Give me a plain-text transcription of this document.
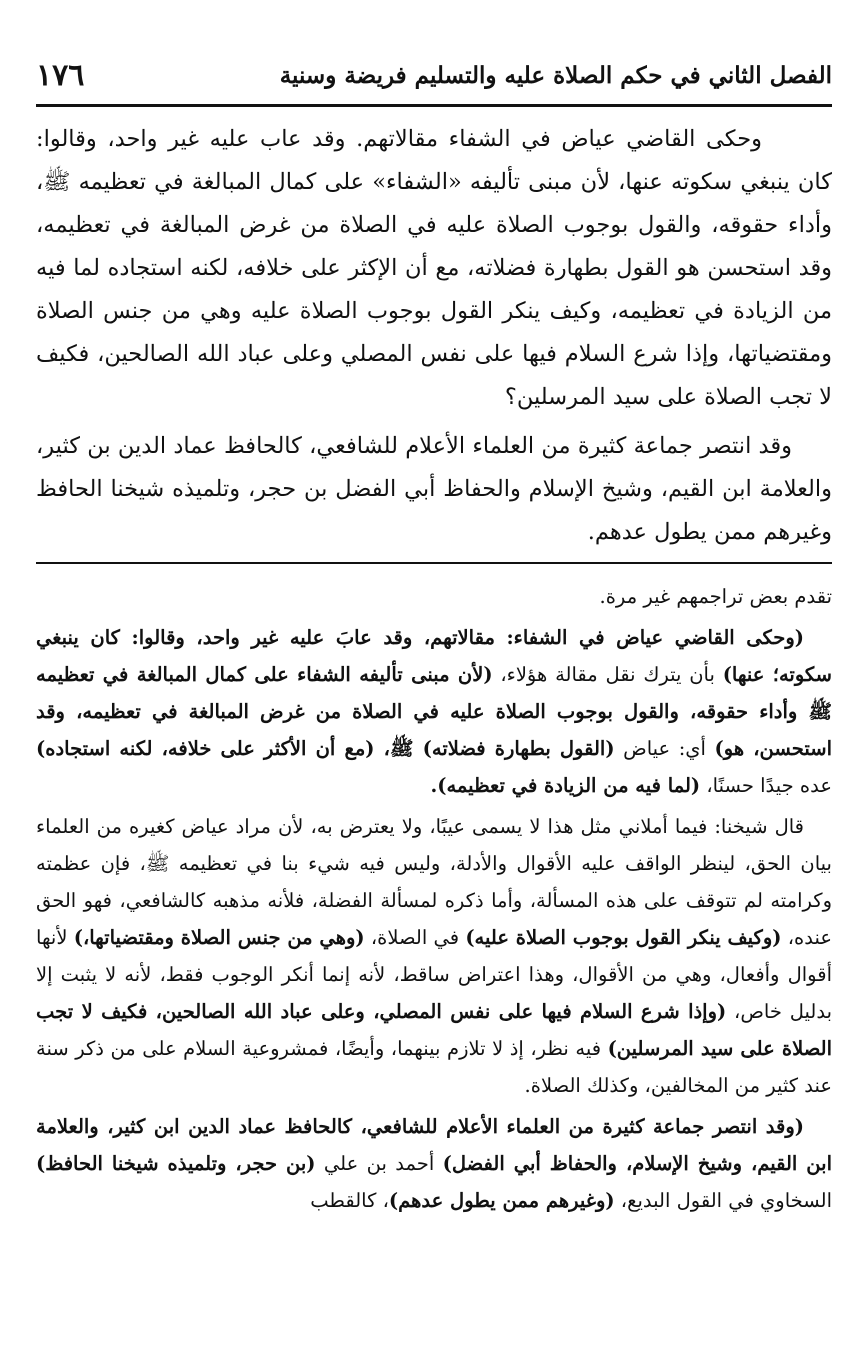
١٧٦	الفصل الثاني في حكم الصلاة عليه والتسليم فريضة وسنية

وحكى القاضي عياض في الشفاء مقالاتهم. وقد عاب عليه غير واحد، وقالوا: كان ينبغي سكوته عنها، لأن مبنى تأليفه «الشفاء» على كمال المبالغة في تعظيمه ﷺ، وأداء حقوقه، والقول بوجوب الصلاة عليه في الصلاة من غرض المبالغة في تعظيمه، وقد استحسن هو القول بطهارة فضلاته، مع أن الإكثر على خلافه، لكنه استجاده لما فيه من الزيادة في تعظيمه، وكيف ينكر القول بوجوب الصلاة عليه وهي من جنس الصلاة ومقتضياتها، وإذا شرع السلام فيها على نفس المصلي وعلى عباد الله الصالحين، فكيف لا تجب الصلاة على سيد المرسلين؟

وقد انتصر جماعة كثيرة من العلماء الأعلام للشافعي، كالحافظ عماد الدين بن كثير، والعلامة ابن القيم، وشيخ الإسلام والحفاظ أبي الفضل بن حجر، وتلميذه شيخنا الحافظ وغيرهم ممن يطول عدهم.

تقدم بعض تراجمهم غير مرة.

(وحكى القاضي عياض في الشفاء: مقالاتهم، وقد عابَ عليه غير واحد، وقالوا: كان ينبغي سكوته؛ عنها) بأن يترك نقل مقالة هؤلاء، (لأن مبنى تأليفه الشفاء على كمال المبالغة في تعظيمه ﷺ وأداء حقوقه، والقول بوجوب الصلاة عليه في الصلاة من غرض المبالغة في تعظيمه، وقد استحسن، هو) أي: عياض (القول بطهارة فضلاته) ﷺ، (مع أن الأكثر على خلافه، لكنه استجاده) عده جيدًا حسنًا، (لما فيه من الزيادة في تعظيمه).

قال شيخنا: فيما أملاني مثل هذا لا يسمى عيبًا، ولا يعترض به، لأن مراد عياض كغيره من العلماء بيان الحق، لينظر الواقف عليه الأقوال والأدلة، وليس فيه شيء بنا في تعظيمه ﷺ، فإن عظمته وكرامته لم تتوقف على هذه المسألة، وأما ذكره لمسألة الفضلة، فلأنه مذهبه كالشافعي، فهو الحق عنده، (وكيف ينكر القول بوجوب الصلاة عليه) في الصلاة، (وهي من جنس الصلاة ومقتضياتها،) لأنها أقوال وأفعال، وهي من الأقوال، وهذا اعتراض ساقط، لأنه إنما أنكر الوجوب فقط، لأنه لا يثبت إلا بدليل خاص، (وإذا شرع السلام فيها على نفس المصلي، وعلى عباد الله الصالحين، فكيف لا تجب الصلاة على سيد المرسلين) فيه نظر، إذ لا تلازم بينهما، وأيضًا، فمشروعية السلام على من ذكر سنة عند كثير من المخالفين، وكذلك الصلاة.

(وقد انتصر جماعة كثيرة من العلماء الأعلام للشافعي، كالحافظ عماد الدين ابن كثير، والعلامة ابن القيم، وشيخ الإسلام، والحفاظ أبي الفضل) أحمد بن علي (بن حجر، وتلميذه شيخنا الحافظ) السخاوي في القول البديع، (وغيرهم ممن يطول عدهم)، كالقطب
